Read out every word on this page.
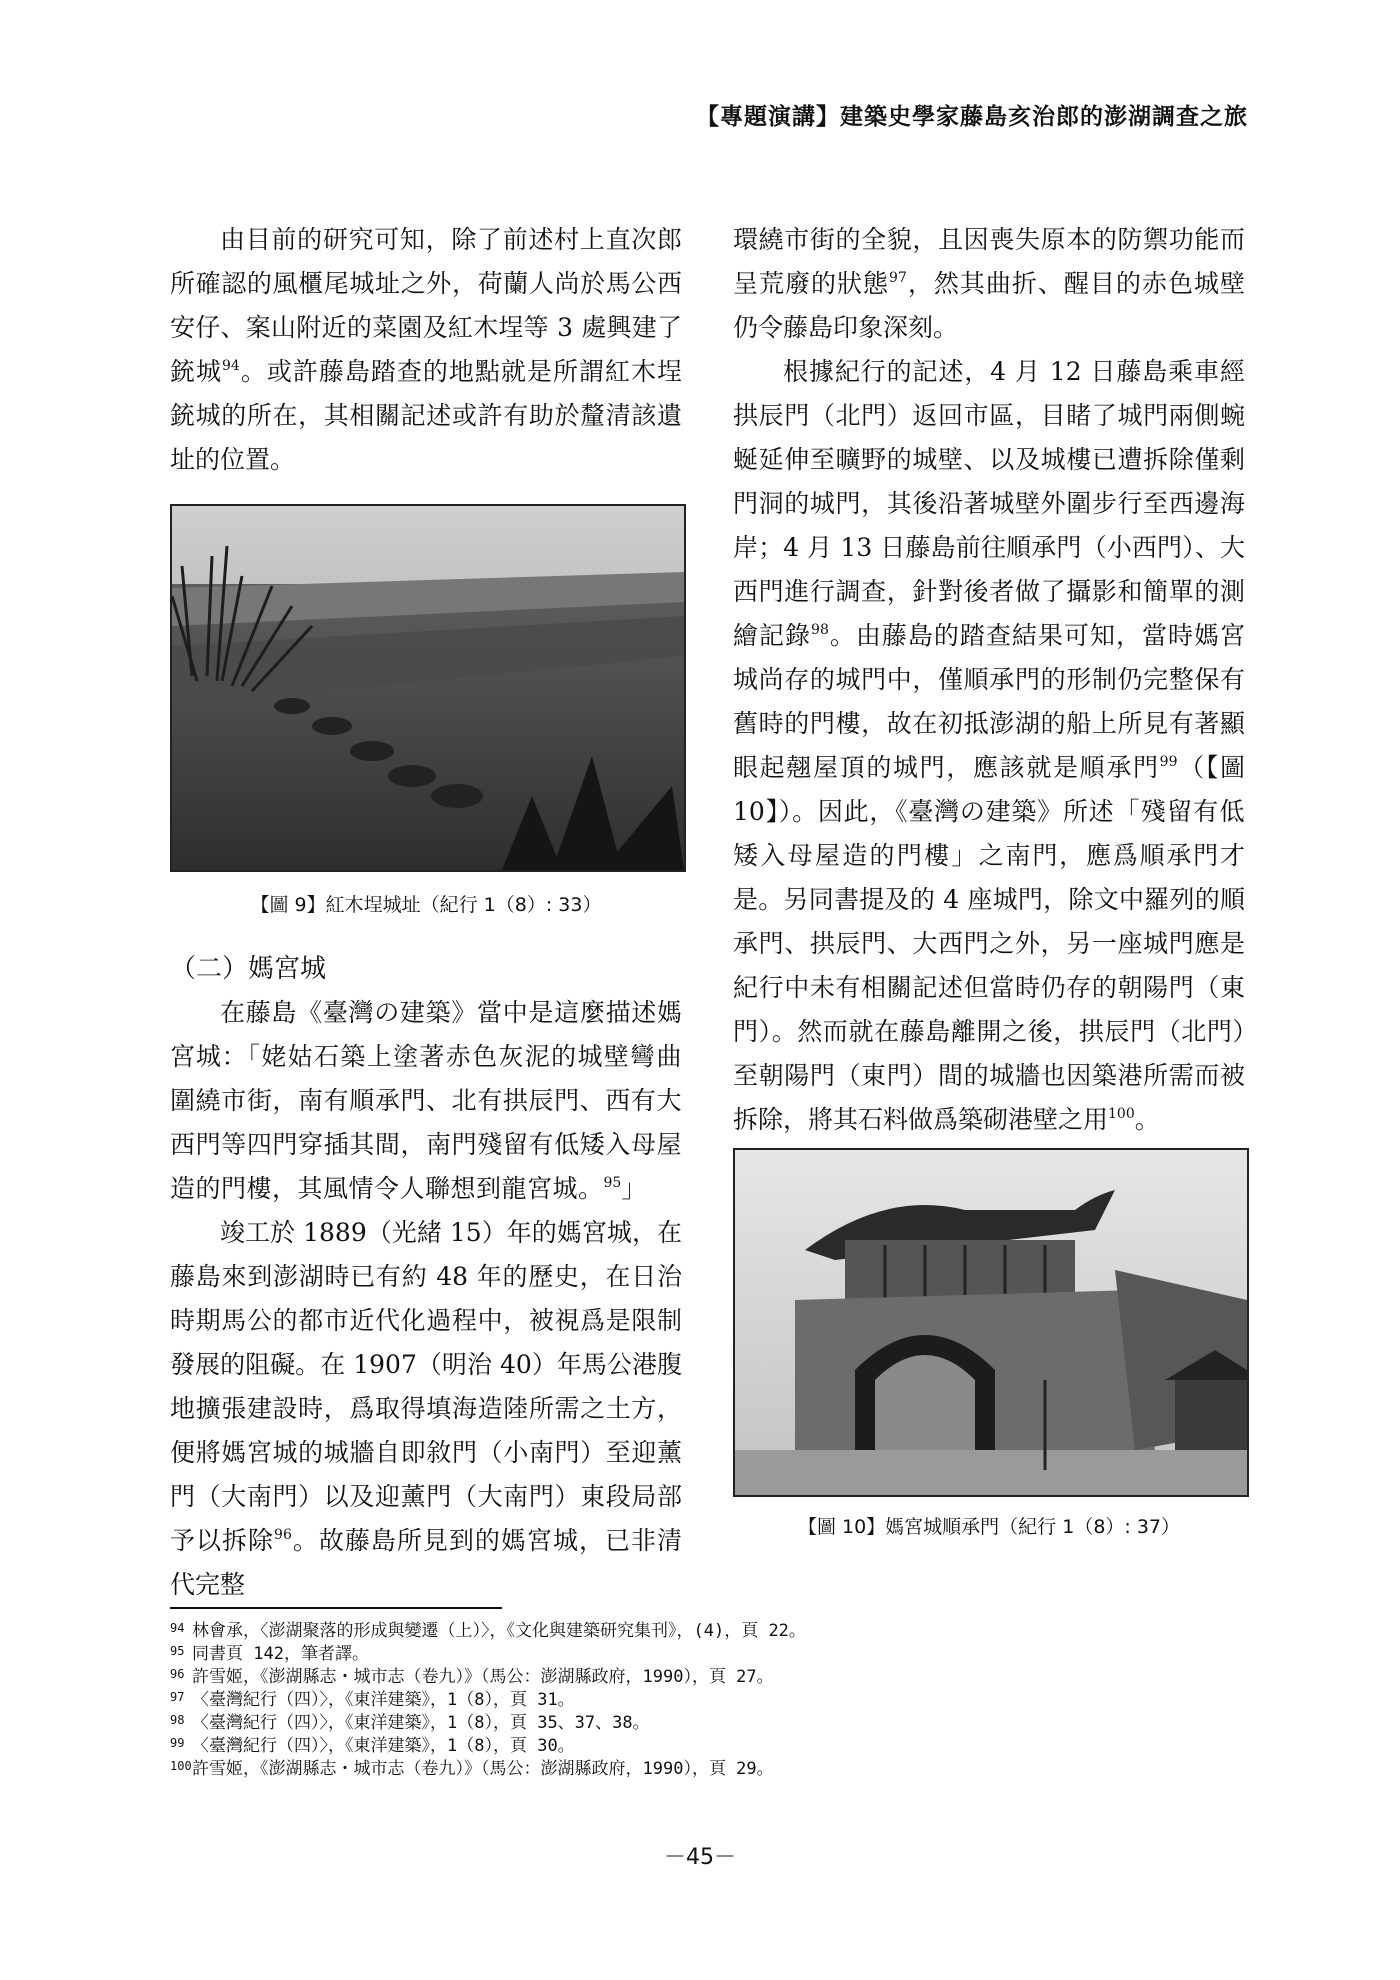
【專題演講】建築史學家藤島亥治郎的澎湖調查之旅

由目前的研究可知，除了前述村上直次郎所確認的風櫃尾城址之外，荷蘭人尚於馬公西安仔、案山附近的菜園及紅木埕等 3 處興建了銃城$^{94}$。或許藤島踏查的地點就是所謂紅木埕銃城的所在，其相關記述或許有助於釐清該遺址的位置。

【圖 9】紅木埕城址（紀行 1（8）: 33）

（二）媽宮城

在藤島《臺灣の建築》當中是這麼描述媽宮城：「姥姑石築上塗著赤色灰泥的城壁彎曲圍繞市街，南有順承門、北有拱辰門、西有大西門等四門穿插其間，南門殘留有低矮入母屋造的門樓，其風情令人聯想到龍宮城。$^{95}$」

竣工於 1889（光緒 15）年的媽宮城，在藤島來到澎湖時已有約 48 年的歷史，在日治時期馬公的都市近代化過程中，被視爲是限制發展的阻礙。在 1907（明治 40）年馬公港腹地擴張建設時，爲取得填海造陸所需之土方，便將媽宮城的城牆自即敘門（小南門）至迎薰門（大南門）以及迎薰門（大南門）東段局部予以拆除$^{96}$。故藤島所見到的媽宮城，已非清代完整

環繞市街的全貌，且因喪失原本的防禦功能而呈荒廢的狀態$^{97}$，然其曲折、醒目的赤色城壁仍令藤島印象深刻。

根據紀行的記述，4 月 12 日藤島乘車經拱辰門（北門）返回市區，目睹了城門兩側蜿蜒延伸至曠野的城壁、以及城樓已遭拆除僅剩門洞的城門，其後沿著城壁外圍步行至西邊海岸；4 月 13 日藤島前往順承門（小西門）、大西門進行調查，針對後者做了攝影和簡單的測繪記錄$^{98}$。由藤島的踏查結果可知，當時媽宮城尚存的城門中，僅順承門的形制仍完整保有舊時的門樓，故在初抵澎湖的船上所見有著顯眼起翹屋頂的城門，應該就是順承門$^{99}$（【圖 10】）。因此，《臺灣の建築》所述「殘留有低矮入母屋造的門樓」之南門，應爲順承門才是。另同書提及的 4 座城門，除文中羅列的順承門、拱辰門、大西門之外，另一座城門應是紀行中未有相關記述但當時仍存的朝陽門（東門）。然而就在藤島離開之後，拱辰門（北門）至朝陽門（東門）間的城牆也因築港所需而被拆除，將其石料做爲築砌港壁之用$^{100}$。

【圖 10】媽宮城順承門（紀行 1（8）: 37）
94 林會承，〈澎湖聚落的形成與變遷（上）〉，《文化與建築研究集刊》，(4)，頁 22。
95 同書頁 142，筆者譯。
96 許雪姬，《澎湖縣志・城市志（卷九）》（馬公：澎湖縣政府，1990），頁 27。
97 〈臺灣紀行（四）〉，《東洋建築》，1（8），頁 31。
98 〈臺灣紀行（四）〉，《東洋建築》，1（8），頁 35、37、38。
99 〈臺灣紀行（四）〉，《東洋建築》，1（8），頁 30。
100 許雪姬，《澎湖縣志・城市志（卷九）》（馬公：澎湖縣政府，1990），頁 29。
－45－
